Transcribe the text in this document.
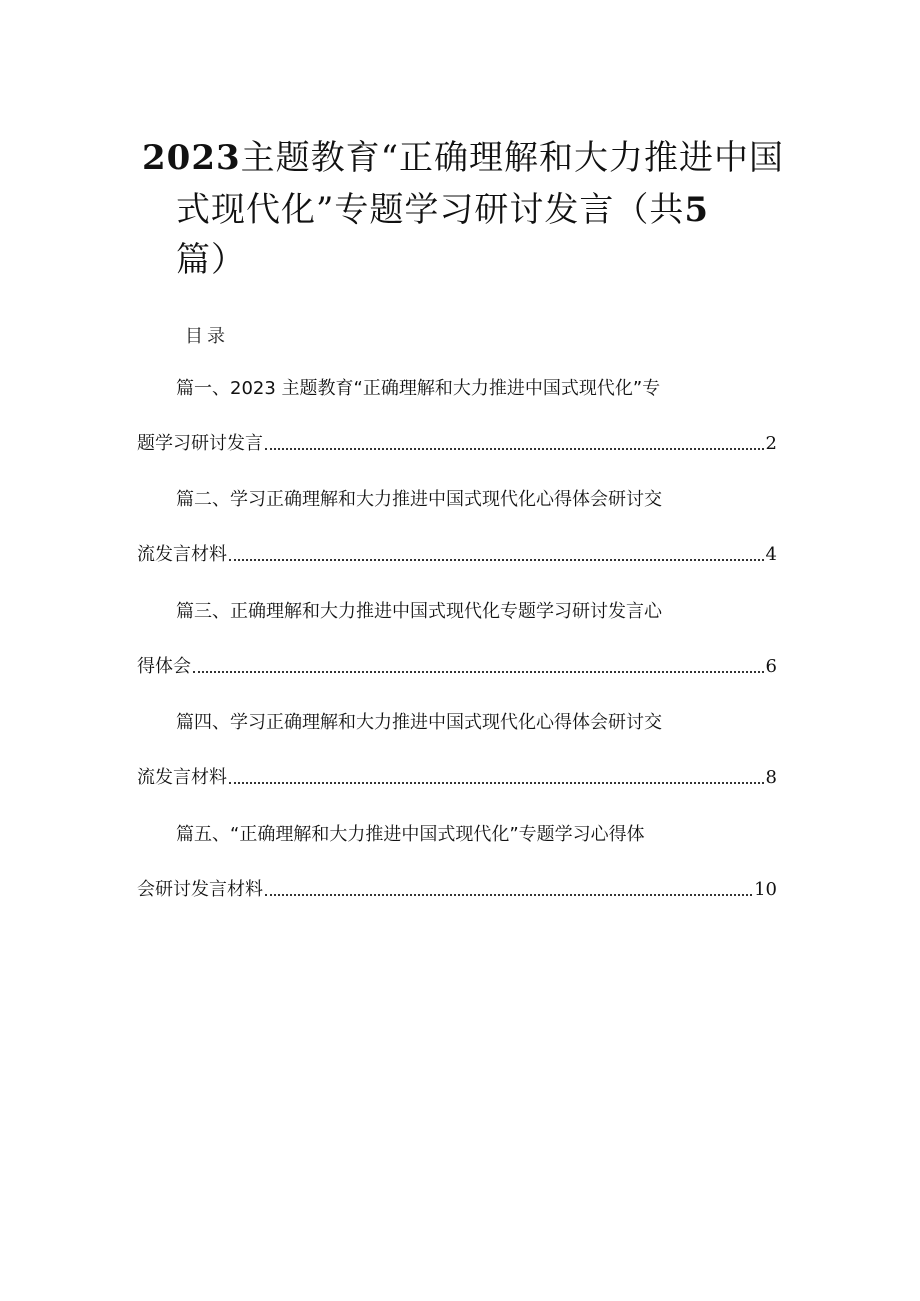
2023主题教育“正确理解和大力推进中国
式现代化”专题学习研讨发言（共5
篇）
目录
篇一、2023 主题教育“正确理解和大力推进中国式现代化”专
题学习研讨发言	2
篇二、学习正确理解和大力推进中国式现代化心得体会研讨交
流发言材料	4
篇三、正确理解和大力推进中国式现代化专题学习研讨发言心
得体会	6
篇四、学习正确理解和大力推进中国式现代化心得体会研讨交
流发言材料	8
篇五、“正确理解和大力推进中国式现代化”专题学习心得体
会研讨发言材料	10
